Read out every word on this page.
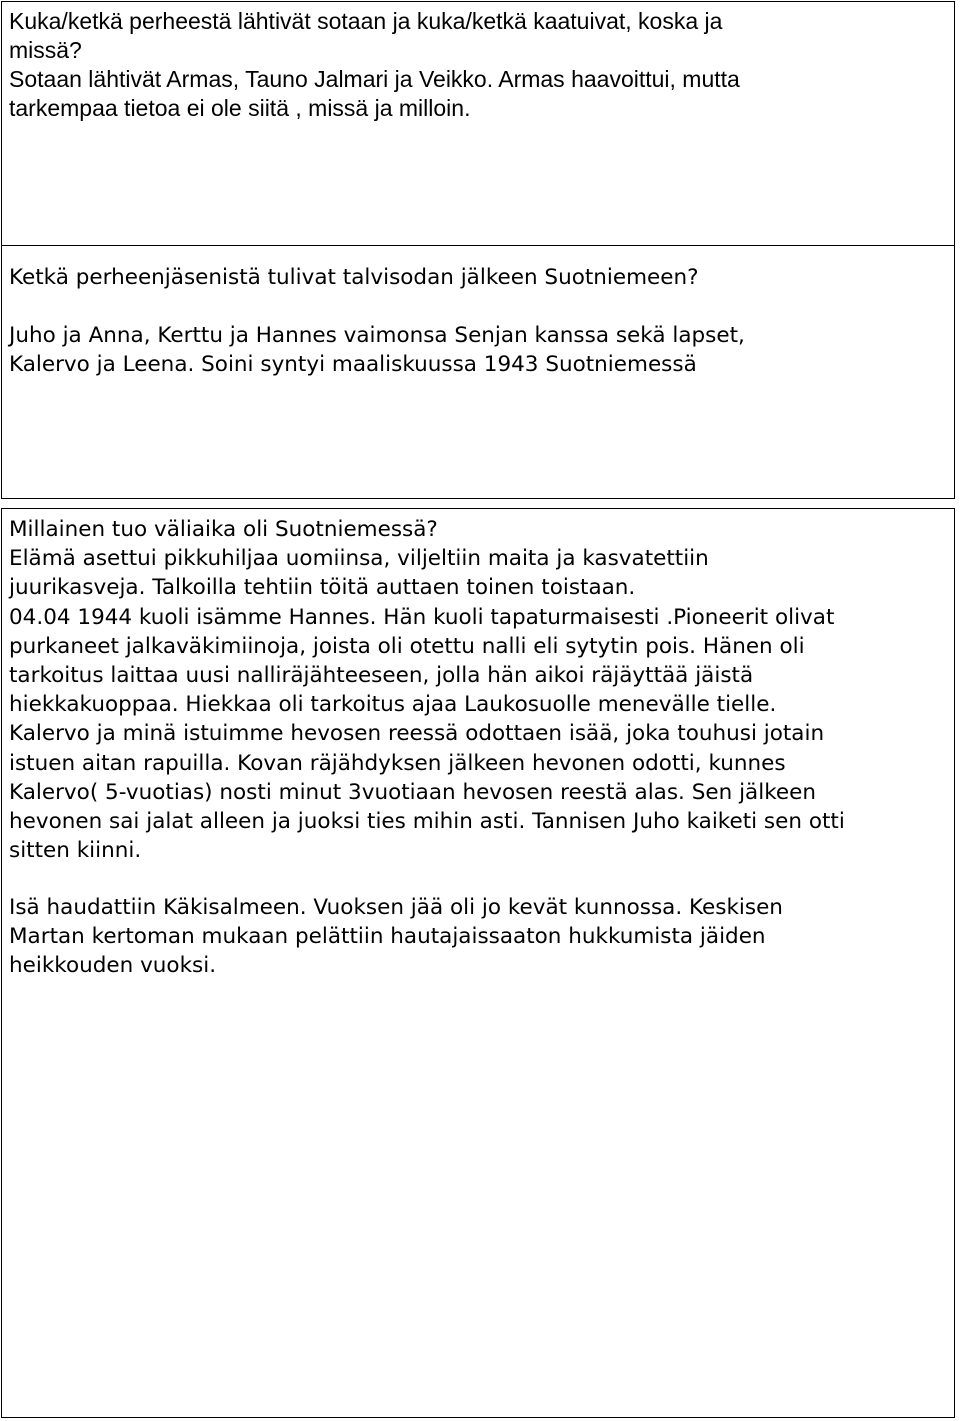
Kuka/ketkä perheestä lähtivät sotaan ja kuka/ketkä kaatuivat, koska ja
missä?
Sotaan lähtivät Armas, Tauno Jalmari ja Veikko. Armas haavoittui, mutta
tarkempaa tietoa ei ole siitä , missä ja milloin.
Ketkä perheenjäsenistä tulivat talvisodan jälkeen Suotniemeen?
Juho ja Anna, Kerttu ja Hannes vaimonsa Senjan kanssa sekä lapset,
Kalervo ja Leena. Soini syntyi maaliskuussa 1943 Suotniemessä
Millainen tuo väliaika oli Suotniemessä?
Elämä asettui pikkuhiljaa uomiinsa, viljeltiin maita ja kasvatettiin
juurikasveja. Talkoilla tehtiin töitä auttaen toinen toistaan.
04.04 1944 kuoli isämme Hannes. Hän kuoli tapaturmaisesti .Pioneerit olivat
purkaneet jalkaväkimiinoja, joista oli otettu nalli eli sytytin pois. Hänen oli
tarkoitus laittaa uusi nalliräjähteeseen, jolla hän aikoi räjäyttää jäistä
hiekkakuoppaa. Hiekkaa oli tarkoitus ajaa Laukosuolle menevälle tielle.
Kalervo ja minä istuimme hevosen reessä odottaen isää, joka touhusi jotain
istuen aitan rapuilla. Kovan räjähdyksen jälkeen hevonen odotti, kunnes
Kalervo( 5-vuotias) nosti minut 3vuotiaan hevosen reestä alas. Sen jälkeen
hevonen sai jalat alleen ja juoksi ties mihin asti. Tannisen Juho kaiketi sen otti
sitten kiinni.
Isä haudattiin Käkisalmeen. Vuoksen jää oli jo kevät kunnossa. Keskisen
Martan kertoman mukaan pelättiin hautajaissaaton hukkumista jäiden
heikkouden vuoksi.
